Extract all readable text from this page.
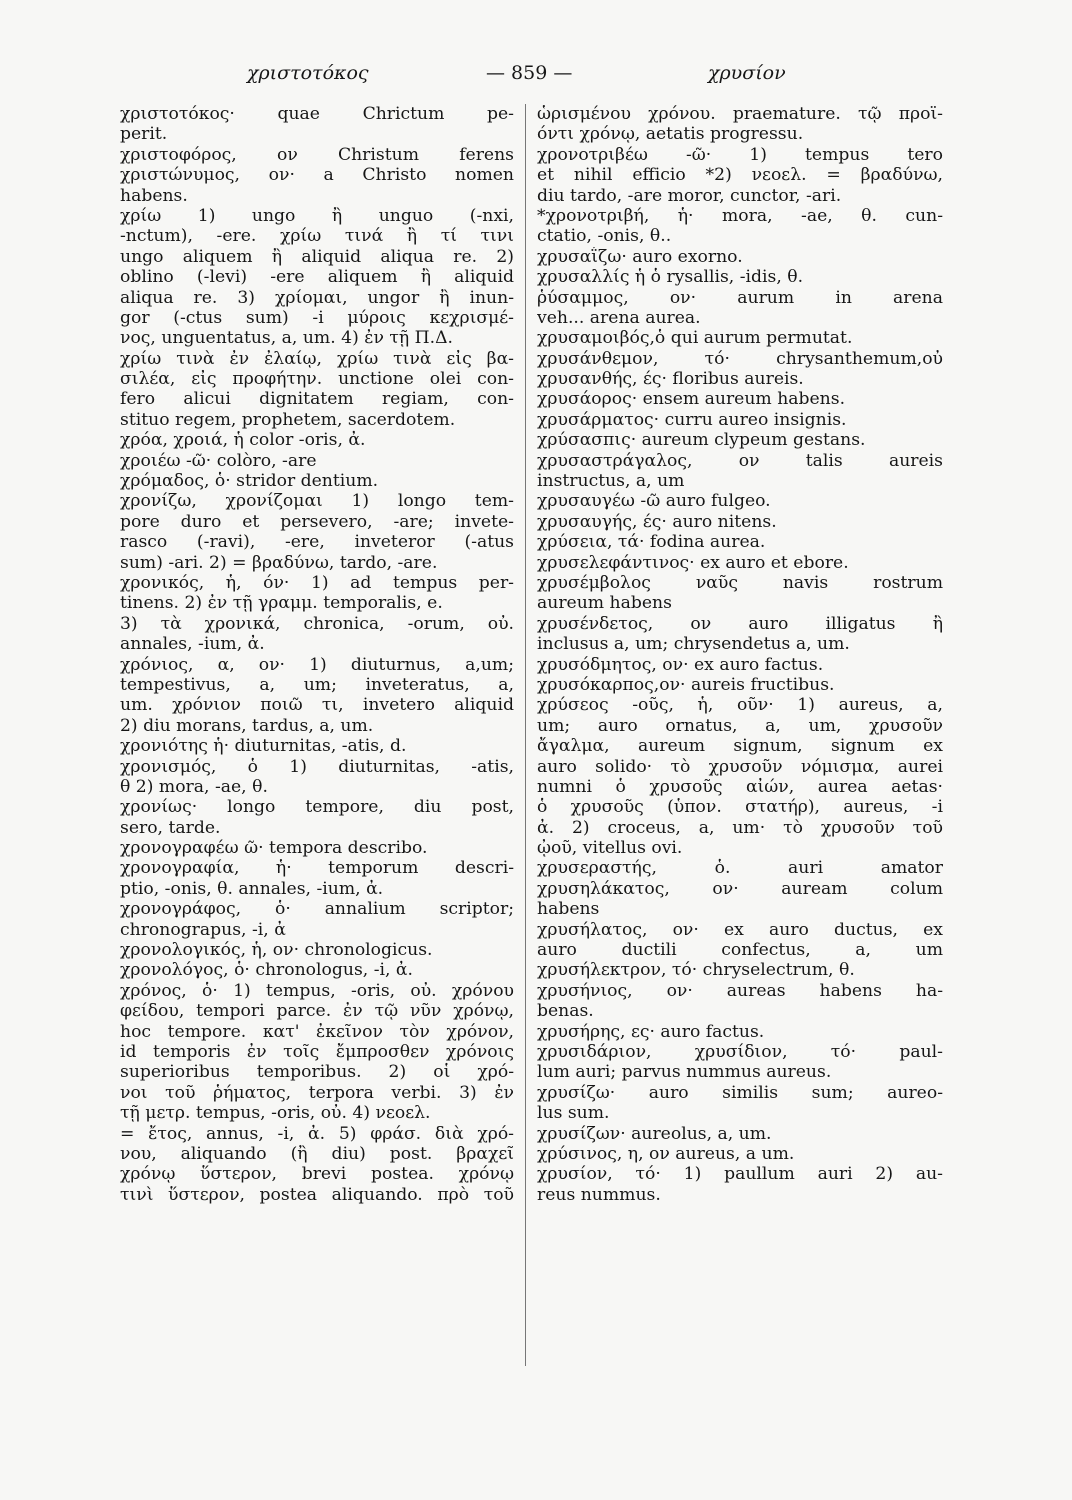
χριστοτόκος	— 859 —	χρυσίον
χριστοτόκος· quae Chrictum pe-
perit.
χριστοφόρος, ον Christum ferens
χριστώνυμος, ον· a Christo nomen
habens.
χρίω 1) ungo ἢ unguo (-nxi,
-nctum), -ere. χρίω τινά ἢ τί τινι
ungo aliquem ἢ aliquid aliqua re. 2)
oblino (-levi) -ere aliquem ἢ aliquid
aliqua re. 3) χρίομαι, ungor ἢ inun-
gor (-ctus sum) -i μύροις κεχρισμέ-
νος, unguentatus, a, um. 4) ἐν τῇ Π.Δ.
χρίω τινὰ ἐν ἐλαίῳ, χρίω τινὰ εἰς βα-
σιλέα, εἰς προφήτην. unctione olei con-
fero alicui dignitatem regiam, con-
stituo regem, prophetem, sacerdotem.
χρόα, χροιά, ἡ color -oris, ἀ.
χροιέω -ῶ· colòro, -are
χρόμαδος, ὁ· stridor dentium.
χρονίζω, χρονίζομαι 1) longo tem-
pore duro et persevero, -are; invete-
rasco (-ravi), -ere, inveteror (-atus
sum) -ari. 2) = βραδύνω, tardo, -are.
χρονικός, ἡ, όν· 1) ad tempus per-
tinens. 2) ἐν τῇ γραμμ. temporalis, e.
3) τὰ χρονικά, chronica, -orum, οὐ.
annales, -ium, ἀ.
χρόνιος, α, ον· 1) diuturnus, a,um;
tempestivus, a, um; inveteratus, a,
um. χρόνιον ποιῶ τι, invetero aliquid
2) diu morans, tardus, a, um.
χρονιότης ἡ· diuturnitas, -atis, d.
χρονισμός, ὁ 1) diuturnitas, -atis,
θ 2) mora, -ae, θ.
χρονίως· longo tempore, diu post,
sero, tarde.
χρονογραφέω ῶ· tempora describo.
χρονογραφία, ἡ· temporum descri-
ptio, -onis, θ. annales, -ium, ἀ.
χρονογράφος, ὁ· annalium scriptor;
chronograpus, -i, ἀ
χρονολογικός, ἡ, ον· chronologicus.
χρονολόγος, ὁ· chronologus, -i, ἀ.
χρόνος, ὁ· 1) tempus, -oris, οὐ. χρόνου
φείδου, tempori parce. ἐν τῷ νῦν χρόνῳ,
hoc tempore. κατ' ἐκεῖνον τὸν χρόνον,
id temporis ἐν τοῖς ἔμπροσθεν χρόνοις
superioribus temporibus. 2) οἱ χρό-
νοι τοῦ ῥήματος, terpora verbi. 3) ἐν
τῇ μετρ. tempus, -oris, οὐ. 4) νεοελ.
= ἔτος, annus, -i, ἀ. 5) φράσ. διὰ χρό-
νου, aliquando (ἢ diu) post. βραχεῖ
χρόνῳ ὕστερον, brevi postea. χρόνῳ
τινὶ ὕστερον, postea aliquando. πρὸ τοῦ
ὡρισμένου χρόνου. praemature. τῷ προϊ-
όντι χρόνῳ, aetatis progressu.
χρονοτριβέω -ῶ· 1) tempus tero
et nihil efficio *2) νεοελ. = βραδύνω,
diu tardo, -are moror, cunctor, -ari.
*χρονοτριβή, ἡ· mora, -ae, θ. cun-
ctatio, -onis, θ..
χρυσαΐζω· auro exorno.
χρυσαλλίς ἡ ὁ rysallis, -idis, θ.
ῥύσαμμος, ον· aurum in arena
veh... arena aurea.
χρυσαμοιβός,ὁ qui aurum permutat.
χρυσάνθεμον, τό· chrysanthemum,οὐ
χρυσανθής, ές· floribus aureis.
χρυσάορος· ensem aureum habens.
χρυσάρματος· curru aureo insignis.
χρύσασπις· aureum clypeum gestans.
χρυσαστράγαλος, ον talis aureis
instructus, a, um
χρυσαυγέω -ῶ auro fulgeo.
χρυσαυγής, ές· auro nitens.
χρύσεια, τά· fodina aurea.
χρυσελεφάντινος· ex auro et ebore.
χρυσέμβολος ναῦς navis rostrum
aureum habens
χρυσένδετος, ον auro illigatus ἢ
inclusus a, um; chrysendetus a, um.
χρυσόδμητος, ον· ex auro factus.
χρυσόκαρπος,ον· aureis fructibus.
χρύσεος -οῦς, ἡ, οῦν· 1) aureus, a,
um; auro ornatus, a, um, χρυσοῦν
ἄγαλμα, aureum signum, signum ex
auro solido· τὸ χρυσοῦν νόμισμα, aurei
numni ὁ χρυσοῦς αἰών, aurea aetas·
ὁ χρυσοῦς (ὑπον. στατήρ), aureus, -i
ἀ. 2) croceus, a, um· τὸ χρυσοῦν τοῦ
ᾠοῦ, vitellus ovi.
χρυσεραστής, ὁ. auri amator
χρυσηλάκατος, ον· auream colum
habens
χρυσήλατος, ον· ex auro ductus, ex
auro ductili confectus, a, um
χρυσήλεκτρον, τό· chryselectrum, θ.
χρυσήνιος, ον· aureas habens ha-
benas.
χρυσήρης, ες· auro factus.
χρυσιδάριον, χρυσίδιον, τό· paul-
lum auri; parvus nummus aureus.
χρυσίζω· auro similis sum; aureo-
lus sum.
χρυσίζων· aureolus, a, um.
χρύσινος, η, ον aureus, a um.
χρυσίον, τό· 1) paullum auri 2) au-
reus nummus.
